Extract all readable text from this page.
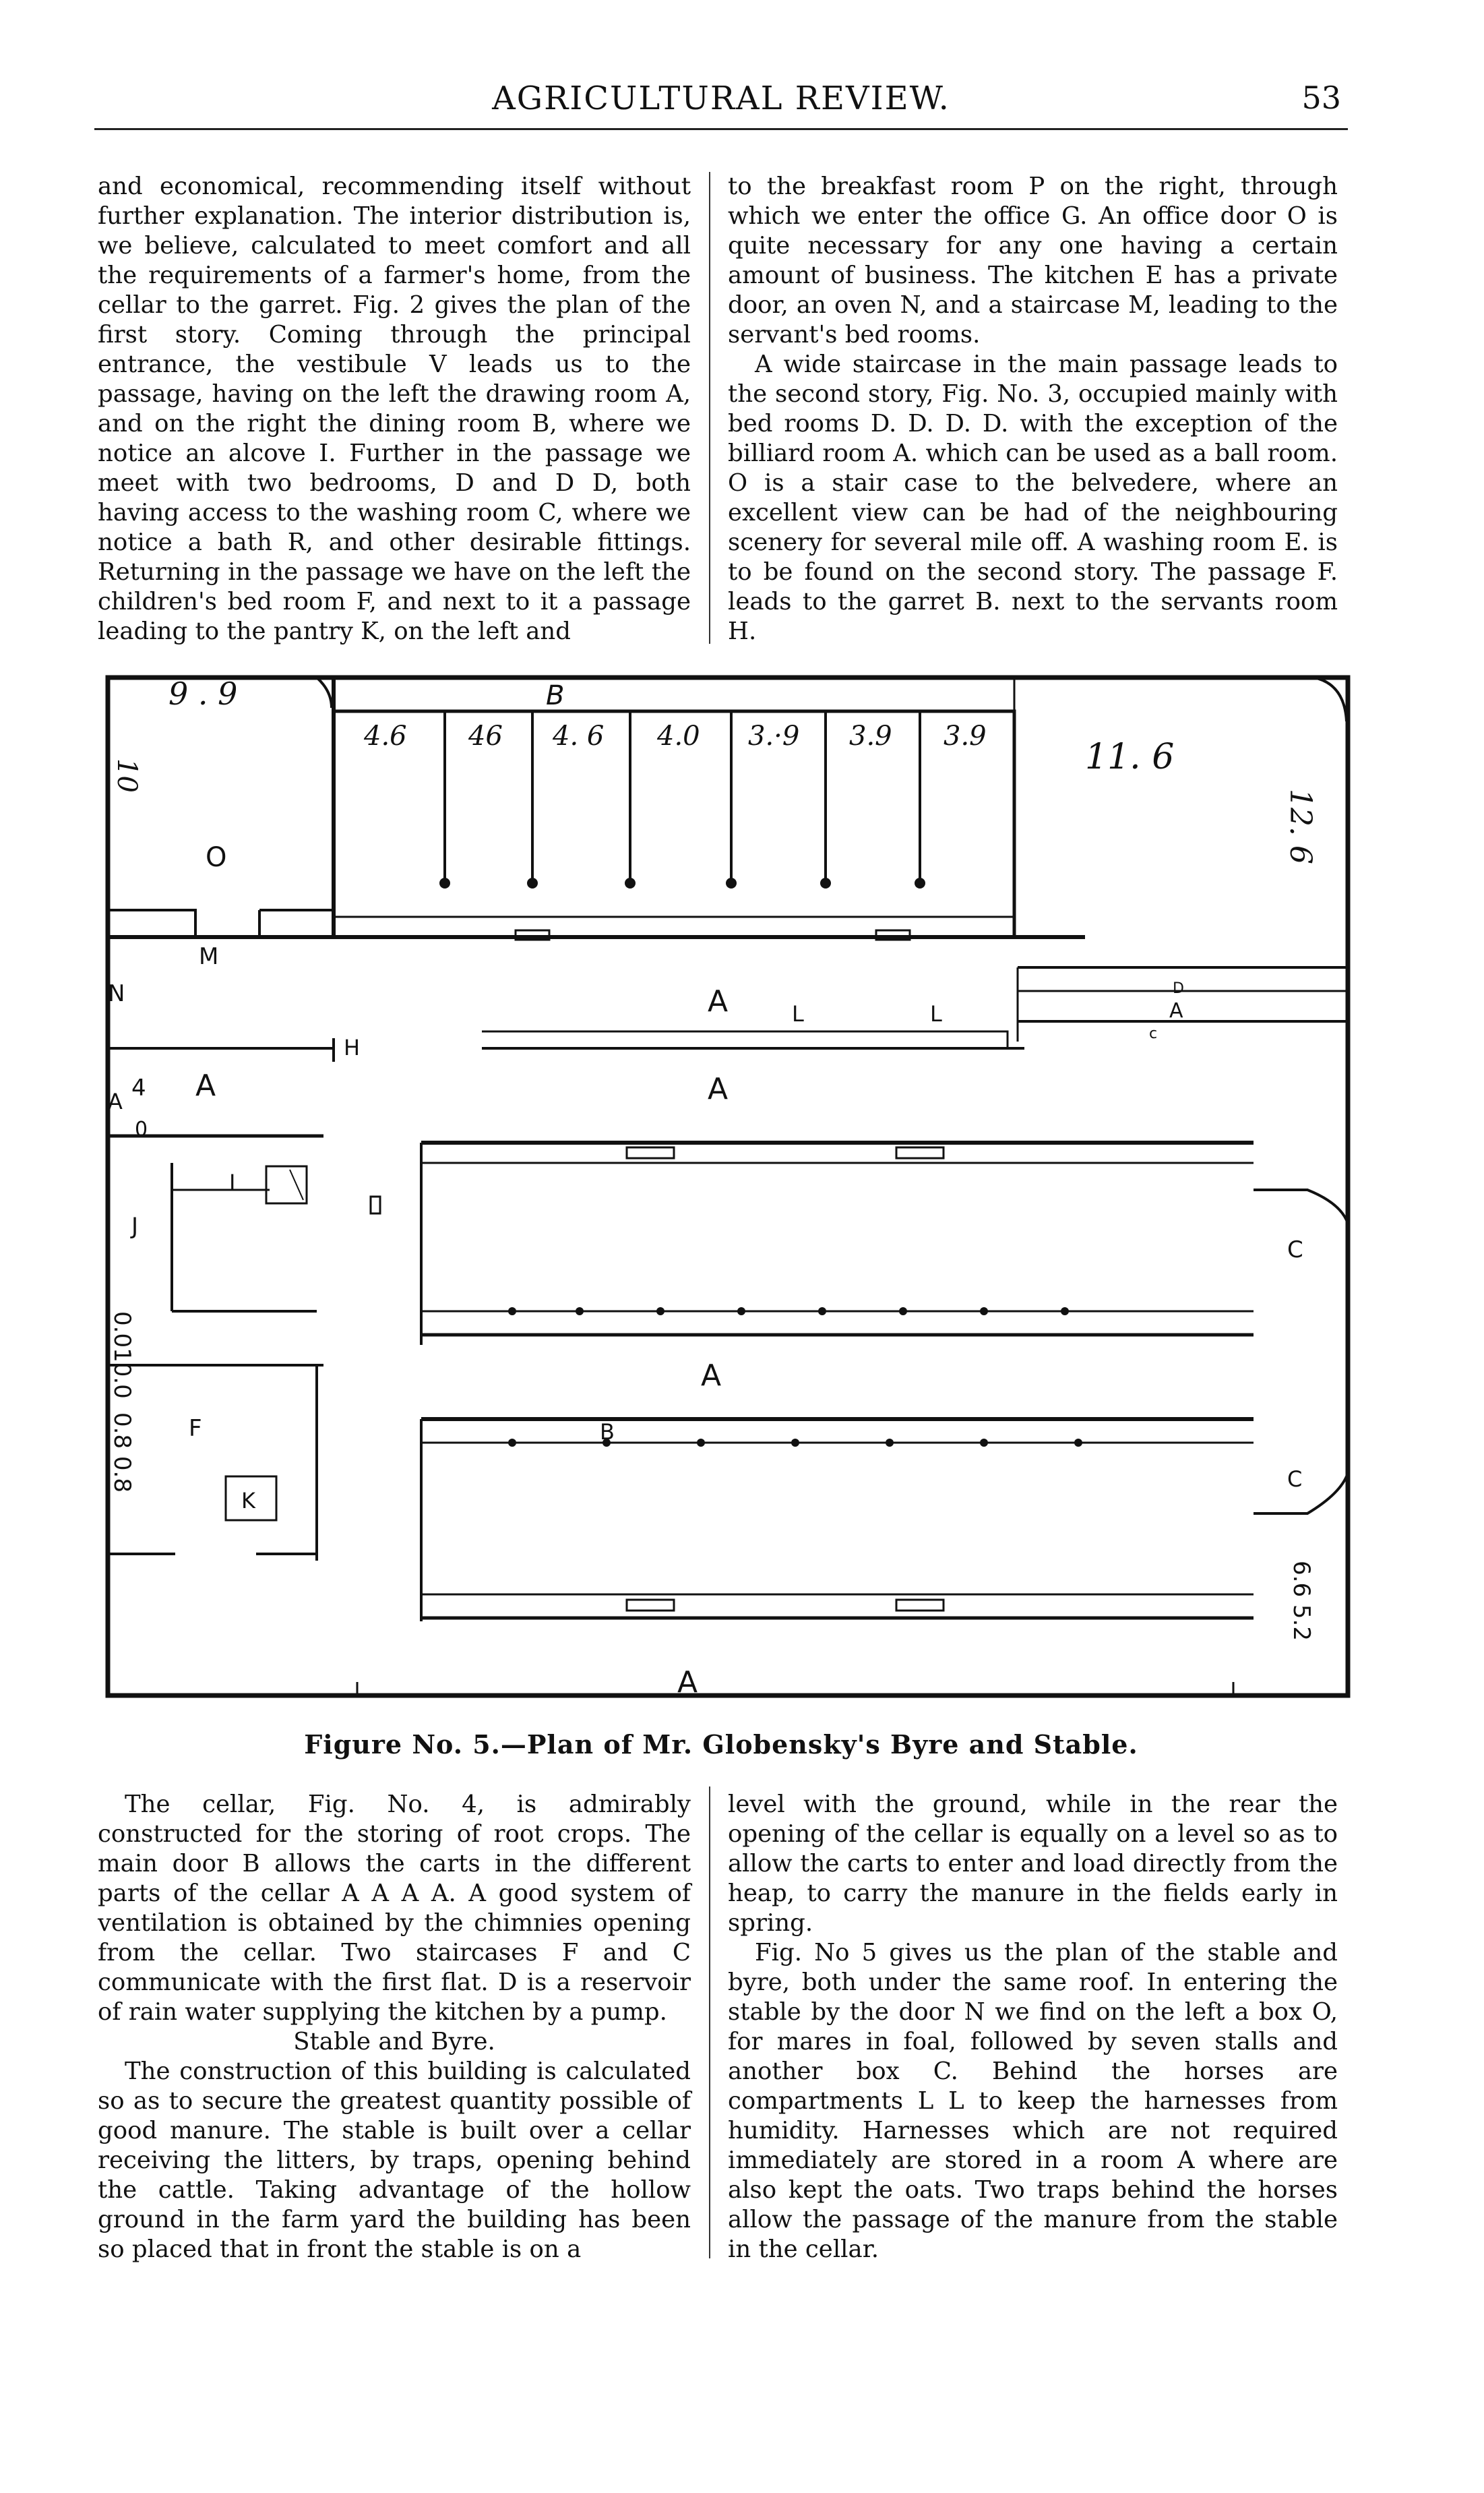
AGRICULTURAL REVIEW.	53

and economical, recommending itself without further explanation. The interior distribution is, we believe, calculated to meet comfort and all the requirements of a farmer's home, from the cellar to the garret. Fig. 2 gives the plan of the first story. Coming through the principal entrance, the vestibule V leads us to the passage, having on the left the drawing room A, and on the right the dining room B, where we notice an alcove I. Further in the passage we meet with two bedrooms, D and D D, both having access to the washing room C, where we notice a bath R, and other desirable fittings. Returning in the passage we have on the left the children's bed room F, and next to it a passage leading to the pantry K, on the left and

to the breakfast room P on the right, through which we enter the office G. An office door O is quite necessary for any one having a certain amount of business. The kitchen E has a private door, an oven N, and a staircase M, leading to the servant's bed rooms.

A wide staircase in the main passage leads to the second story, Fig. No. 3, occupied mainly with bed rooms D. D. D. D. with the exception of the billiard room A. which can be used as a ball room. O is a stair case to the belvedere, where an excellent view can be had of the neighbouring scenery for several mile off. A washing room E. is to be found on the second story. The passage F. leads to the garret B. next to the servants room H.

9 . 9	B
4.6 46 4. 6 4.0 3.·9 3.9 3.9
11. 6
12. 6
10
O
M
N	A	L	L	A
D
c
H
A	A
A 4
0
I
J
C
0.010.0	A
B
F
0.8 0.8	C
K
6.6 5.2
A
Figure No. 5.—Plan of Mr. Globensky's Byre and Stable.

The cellar, Fig. No. 4, is admirably constructed for the storing of root crops. The main door B allows the carts in the different parts of the cellar A A A A. A good system of ventilation is obtained by the chimnies opening from the cellar. Two staircases F and C communicate with the first flat. D is a reservoir of rain water supplying the kitchen by a pump.

Stable and Byre.

The construction of this building is calculated so as to secure the greatest quantity possible of good manure. The stable is built over a cellar receiving the litters, by traps, opening behind the cattle. Taking advantage of the hollow ground in the farm yard the building has been so placed that in front the stable is on a

level with the ground, while in the rear the opening of the cellar is equally on a level so as to allow the carts to enter and load directly from the heap, to carry the manure in the fields early in spring.

Fig. No 5 gives us the plan of the stable and byre, both under the same roof. In entering the stable by the door N we find on the left a box O, for mares in foal, followed by seven stalls and another box C. Behind the horses are compartments L L to keep the harnesses from humidity. Harnesses which are not required immediately are stored in a room A where are also kept the oats. Two traps behind the horses allow the passage of the manure from the stable in the cellar.
